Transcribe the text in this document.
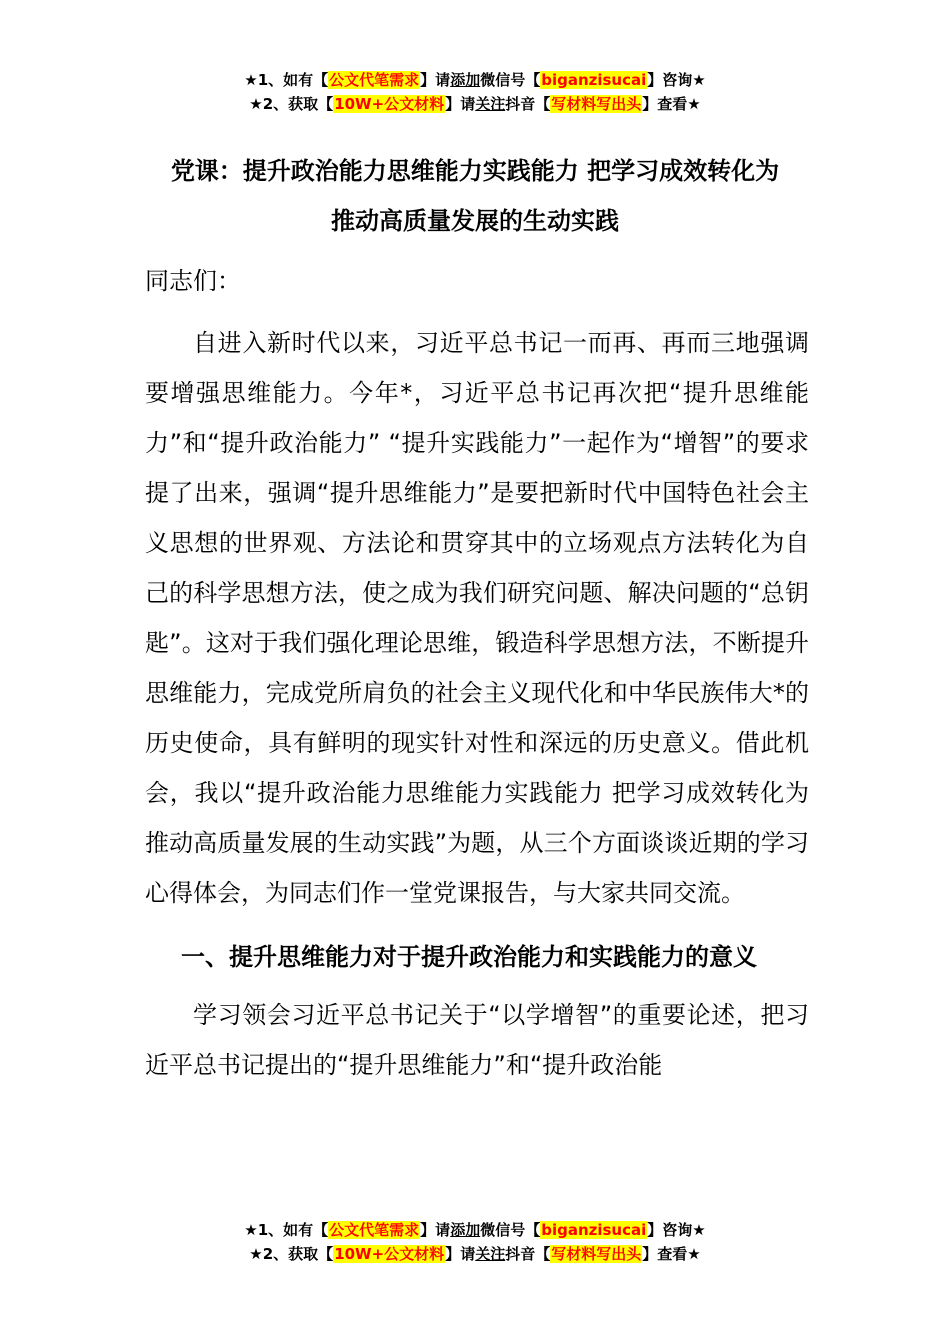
★1、如有【公文代笔需求】请添加微信号【biganzisucai】咨询★
★2、获取【10W+公文材料】请关注抖音【写材料写出头】查看★
党课：提升政治能力思维能力实践能力 把学习成效转化为
推动高质量发展的生动实践

同志们：

自进入新时代以来，习近平总书记一而再、再而三地强调要增强思维能力。今年*，习近平总书记再次把“提升思维能力”和“提升政治能力” “提升实践能力”一起作为“增智”的要求提了出来，强调“提升思维能力”是要把新时代中国特色社会主义思想的世界观、方法论和贯穿其中的立场观点方法转化为自己的科学思想方法，使之成为我们研究问题、解决问题的“总钥匙”。这对于我们强化理论思维，锻造科学思想方法，不断提升思维能力，完成党所肩负的社会主义现代化和中华民族伟大*的历史使命，具有鲜明的现实针对性和深远的历史意义。借此机会，我以“提升政治能力思维能力实践能力 把学习成效转化为推动高质量发展的生动实践”为题，从三个方面谈谈近期的学习心得体会，为同志们作一堂党课报告，与大家共同交流。

一、提升思维能力对于提升政治能力和实践能力的意义

学习领会习近平总书记关于“以学增智”的重要论述，把习近平总书记提出的“提升思维能力”和“提升政治能

★1、如有【公文代笔需求】请添加微信号【biganzisucai】咨询★
★2、获取【10W+公文材料】请关注抖音【写材料写出头】查看★
